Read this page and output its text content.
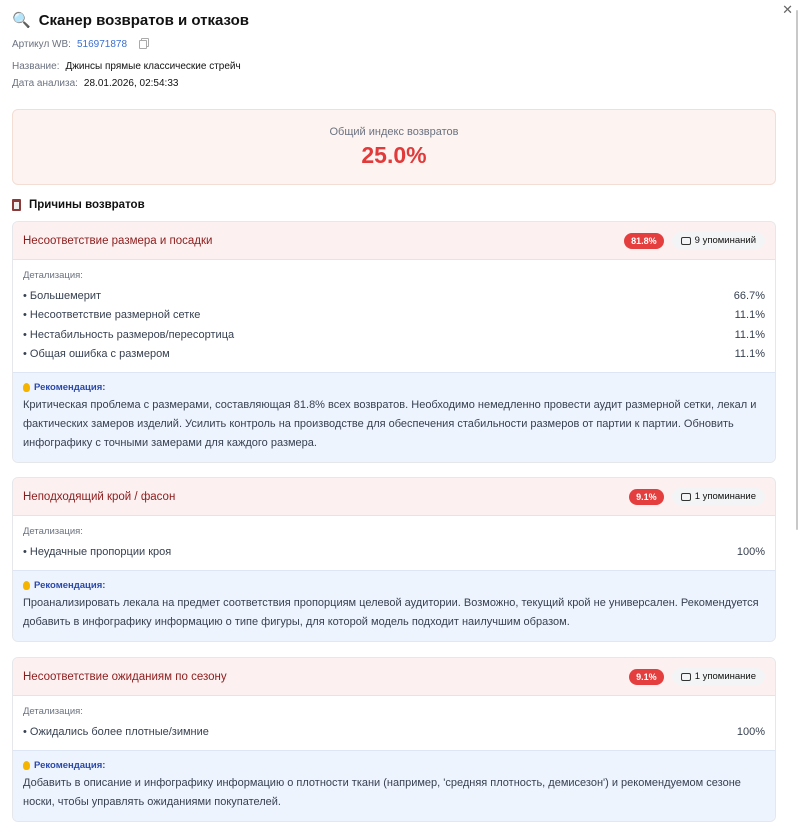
✕
🔍 Сканер возвратов и отказов
Артикул WB: 516971878
Название: Джинсы прямые классические стрейч
Дата анализа: 28.01.2026, 02:54:33
Общий индекс возвратов
25.0%
Причины возвратов
Несоответствие размера и посадки	81.8%	9 упоминаний
Детализация:
• Большемерит	66.7%
• Несоответствие размерной сетке	11.1%
• Нестабильность размеров/пересортица	11.1%
• Общая ошибка с размером	11.1%
Рекомендация:
Критическая проблема с размерами, составляющая 81.8% всех возвратов. Необходимо немедленно провести аудит размерной сетки, лекал и фактических замеров изделий. Усилить контроль на производстве для обеспечения стабильности размеров от партии к партии. Обновить инфографику с точными замерами для каждого размера.
Неподходящий крой / фасон	9.1%	1 упоминание
Детализация:
• Неудачные пропорции кроя	100%
Рекомендация:
Проанализировать лекала на предмет соответствия пропорциям целевой аудитории. Возможно, текущий крой не универсален. Рекомендуется добавить в инфографику информацию о типе фигуры, для которой модель подходит наилучшим образом.
Несоответствие ожиданиям по сезону	9.1%	1 упоминание
Детализация:
• Ожидались более плотные/зимние	100%
Рекомендация:
Добавить в описание и инфографику информацию о плотности ткани (например, 'средняя плотность, демисезон') и рекомендуемом сезоне носки, чтобы управлять ожиданиями покупателей.
